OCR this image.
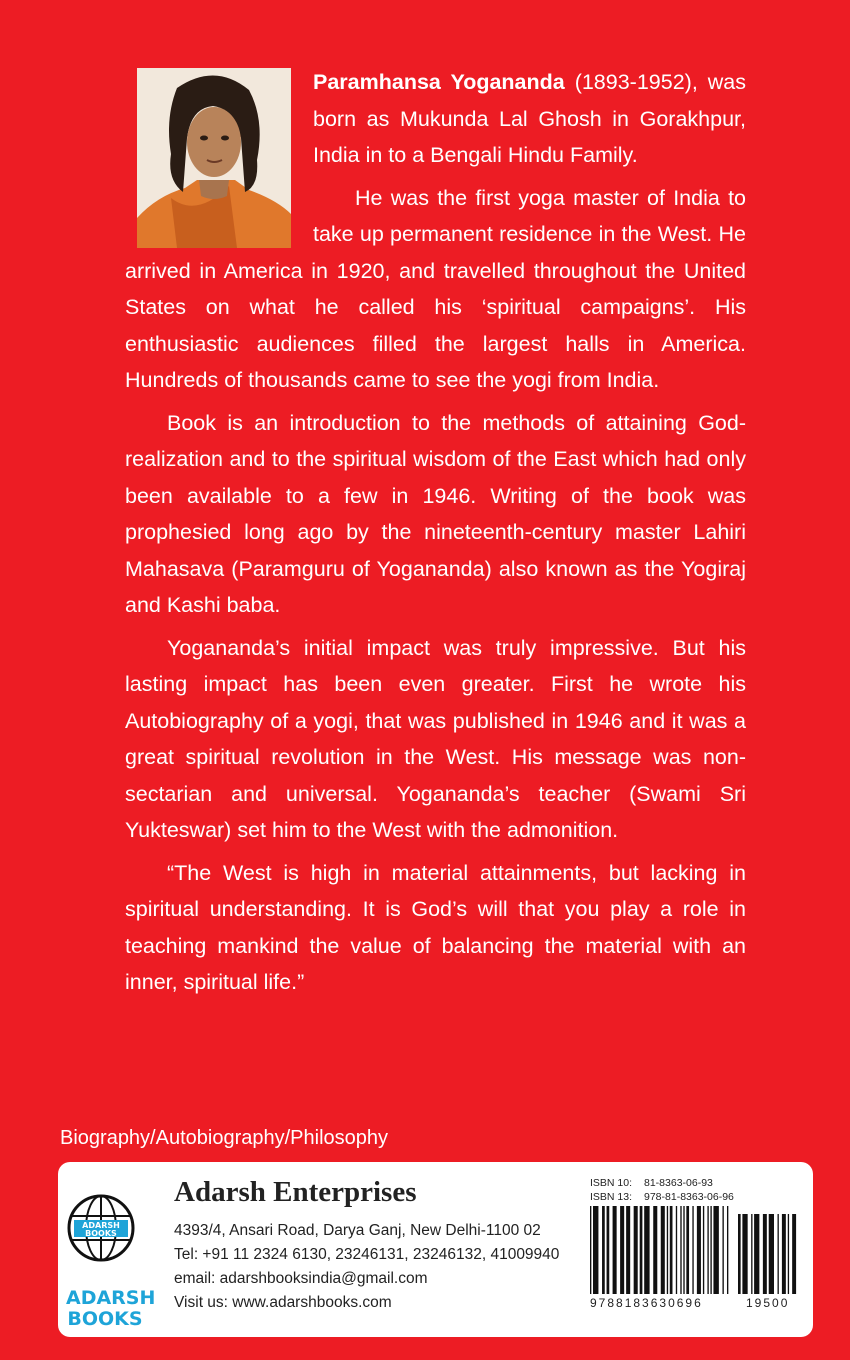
Paramhansa Yogananda (1893-1952), was born as Mukunda Lal Ghosh in Gorakhpur, India in to a Bengali Hindu Family.

He was the first yoga master of India to take up permanent residence in the West. He arrived in America in 1920, and travelled throughout the United States on what he called his ‘spiritual campaigns’. His enthusiastic audiences filled the largest halls in America. Hundreds of thousands came to see the yogi from India.

Book is an introduction to the methods of attaining God-realization and to the spiritual wisdom of the East which had only been available to a few in 1946. Writing of the book was prophesied long ago by the nineteenth-century master Lahiri Mahasava (Paramguru of Yogananda) also known as the Yogiraj and Kashi baba.

Yogananda’s initial impact was truly impressive. But his lasting impact has been even greater. First he wrote his Autobiography of a yogi, that was published in 1946 and it was a great spiritual revolution in the West. His message was non-sectarian and universal. Yogananda’s teacher (Swami Sri Yukteswar) set him to the West with the admonition.

“The West is high in material attainments, but lacking in spiritual understanding. It is God’s will that you play a role in teaching mankind the value of balancing the material with an inner, spiritual life.”

Biography/Autobiography/Philosophy
ADARSH
BOOKS
ADARSH
BOOKS
Adarsh Enterprises
4393/4, Ansari Road, Darya Ganj, New Delhi-1100 02
Tel: +91 11 2324 6130, 23246131, 23246132, 41009940
email: adarshbooksindia@gmail.com
Visit us: www.adarshbooks.com
ISBN 10: 81-8363-06-93
ISBN 13: 978-81-8363-06-96
9788183630696	19500
